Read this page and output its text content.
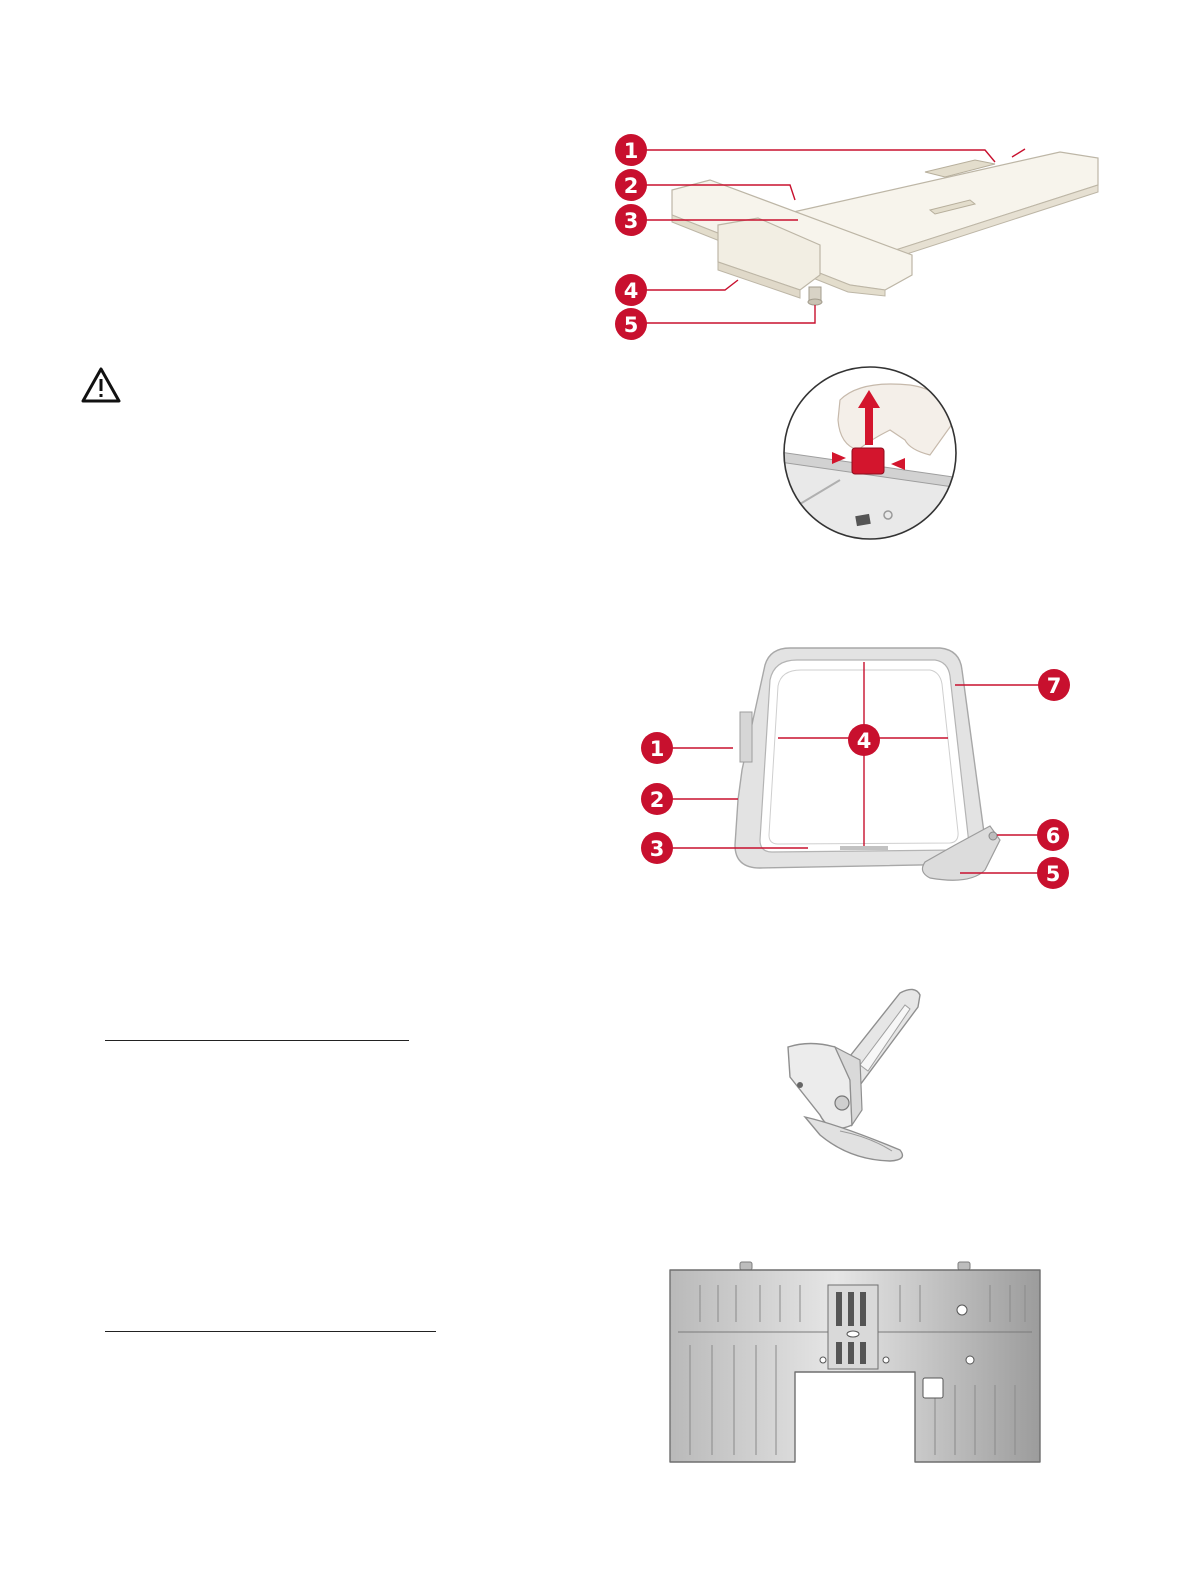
1
2
3
4
5
1
2
3
4
5
6
7
